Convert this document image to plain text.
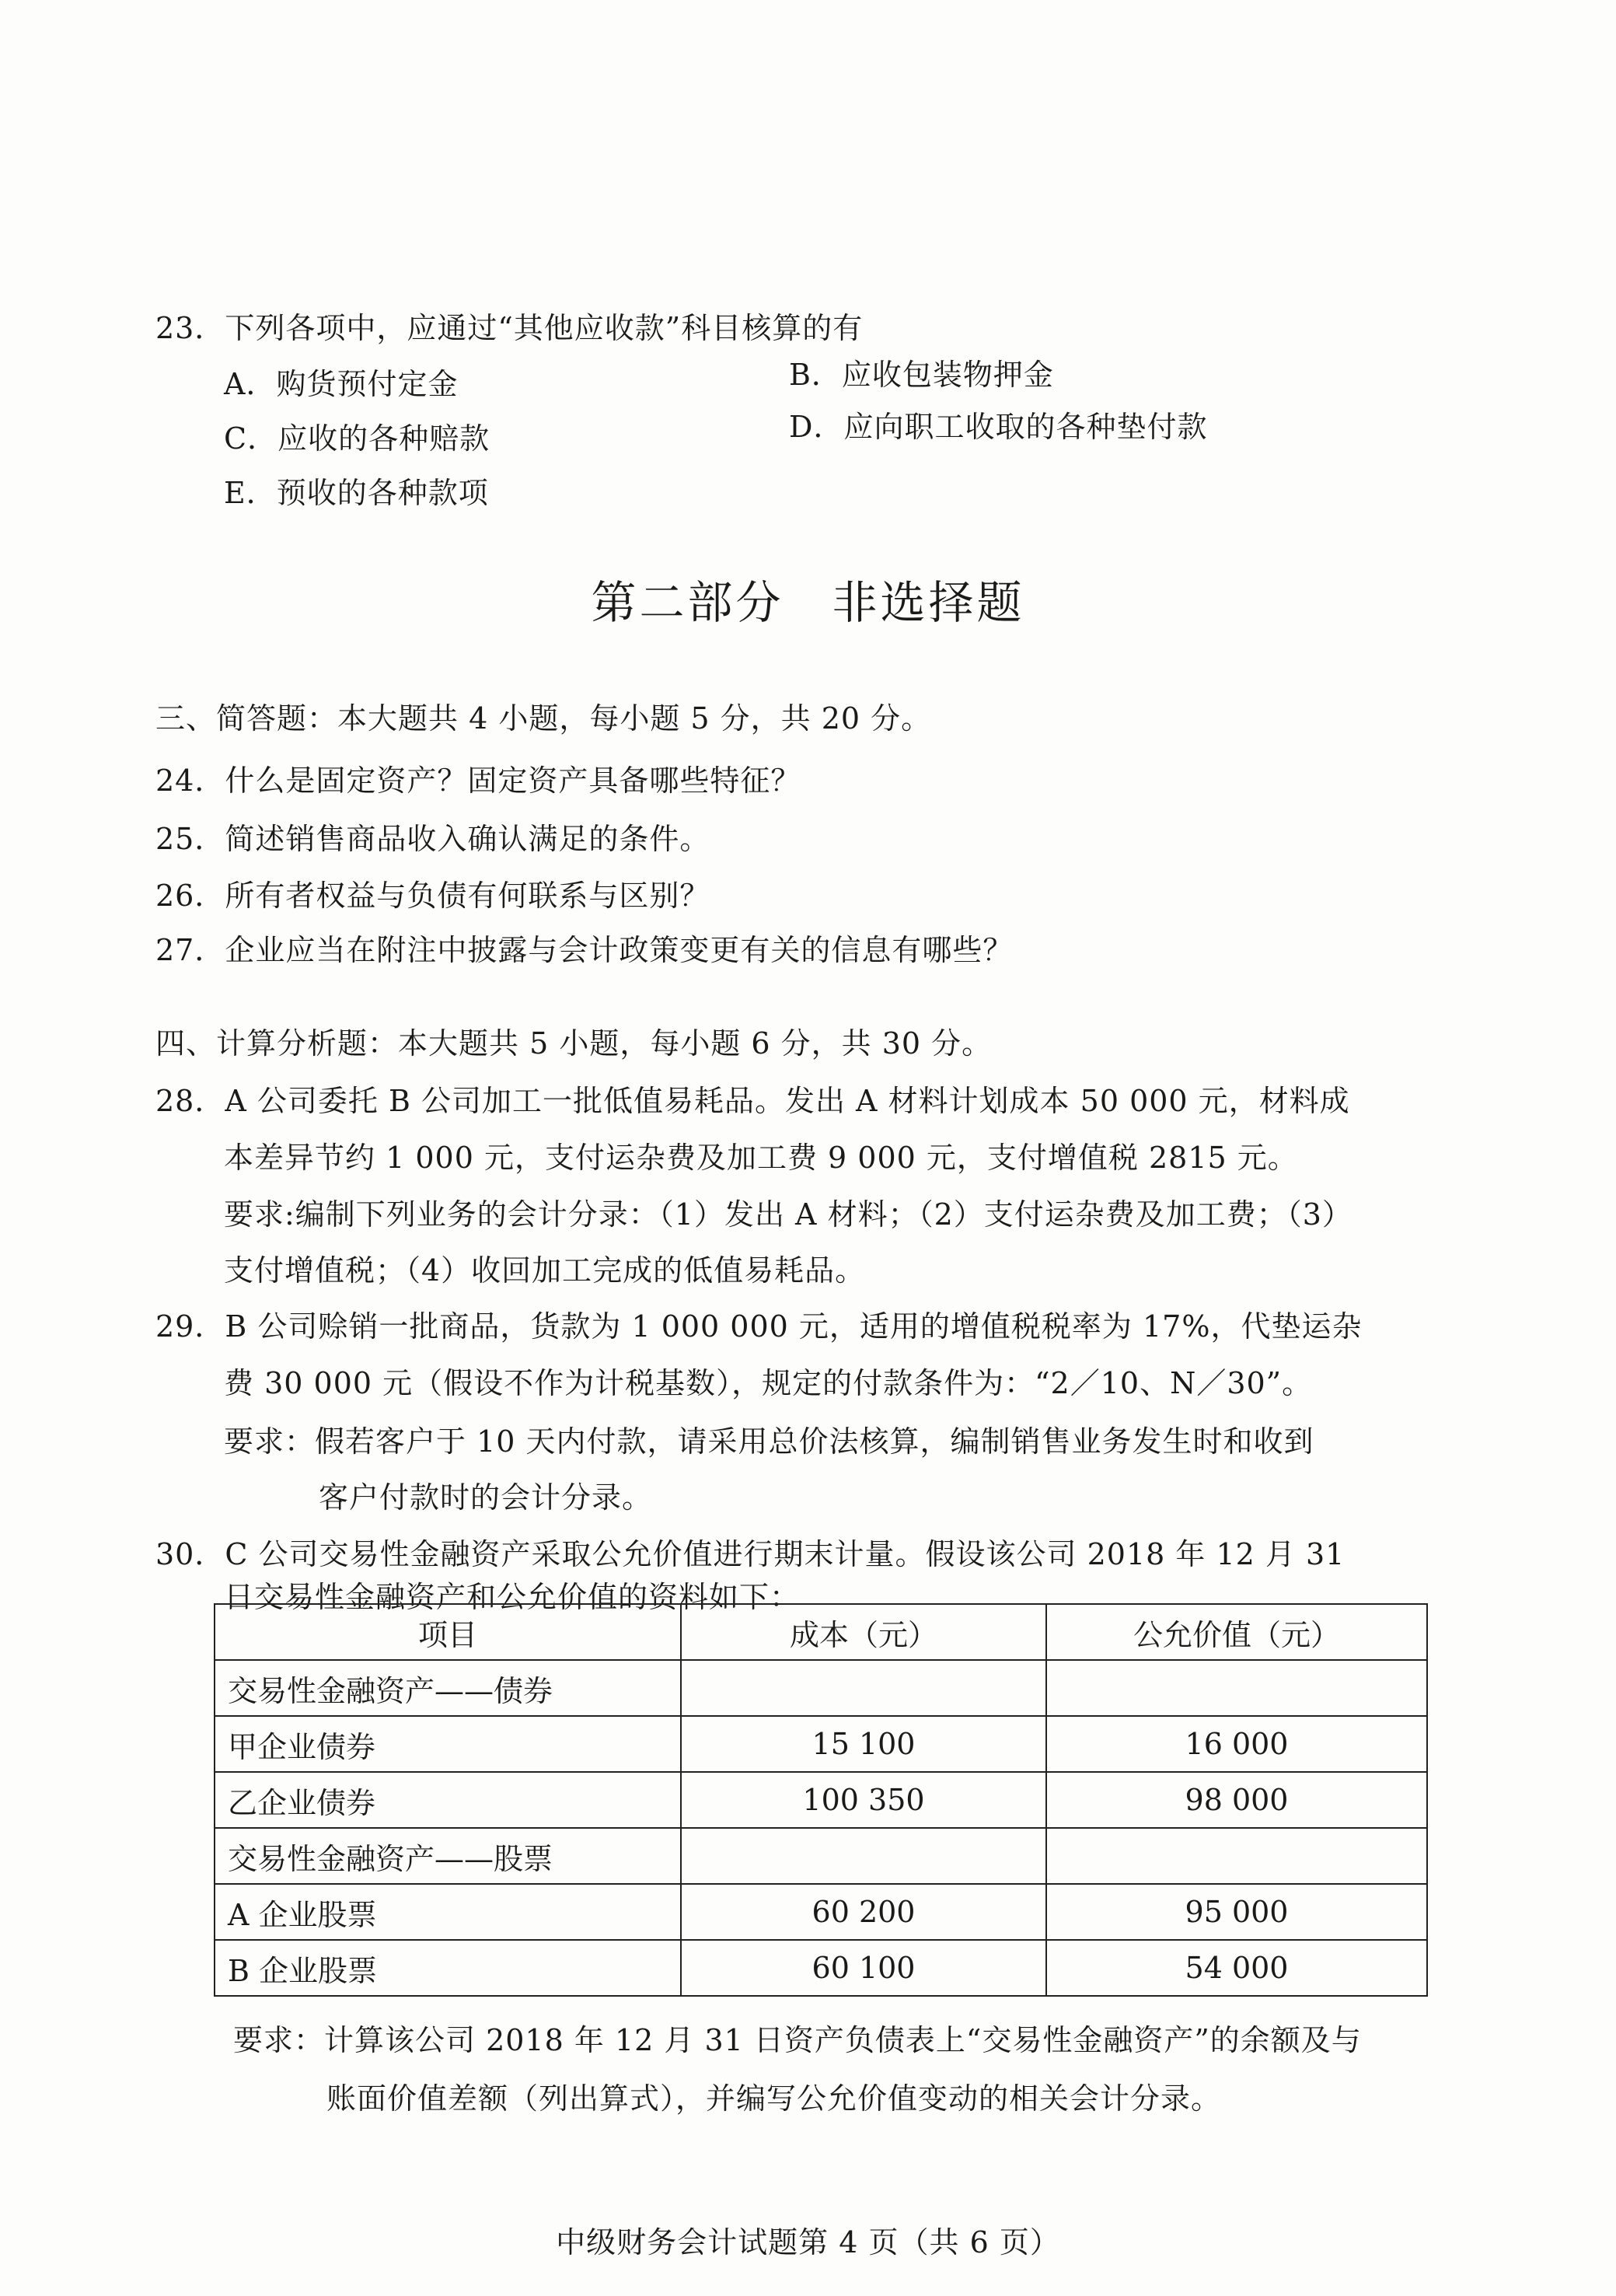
23．下列各项中，应通过“其他应收款”科目核算的有
A．购货预付定金	B．应收包装物押金
C．应收的各种赔款	D．应向职工收取的各种垫付款
E．预收的各种款项
第二部分　非选择题
三、简答题：本大题共 4 小题，每小题 5 分，共 20 分。
24．什么是固定资产？固定资产具备哪些特征？
25．简述销售商品收入确认满足的条件。
26．所有者权益与负债有何联系与区别？
27．企业应当在附注中披露与会计政策变更有关的信息有哪些？
四、计算分析题：本大题共 5 小题，每小题 6 分，共 30 分。
28．A 公司委托 B 公司加工一批低值易耗品。发出 A 材料计划成本 50 000 元，材料成
本差异节约 1 000 元，支付运杂费及加工费 9 000 元，支付增值税 2815 元。
要求:编制下列业务的会计分录：（1）发出 A 材料；（2）支付运杂费及加工费；（3）
支付增值税；（4）收回加工完成的低值易耗品。
29．B 公司赊销一批商品，货款为 1 000 000 元，适用的增值税税率为 17%，代垫运杂
费 30 000 元（假设不作为计税基数），规定的付款条件为：“2／10、N／30”。
要求：假若客户于 10 天内付款，请采用总价法核算，编制销售业务发生时和收到
客户付款时的会计分录。
30．C 公司交易性金融资产采取公允价值进行期末计量。假设该公司 2018 年 12 月 31
日交易性金融资产和公允价值的资料如下：
项目	成本（元）	公允价值（元）
交易性金融资产——债券		
甲企业债券	15 100	16 000
乙企业债券	100 350	98 000
交易性金融资产——股票		
A 企业股票	60 200	95 000
B 企业股票	60 100	54 000
要求：计算该公司 2018 年 12 月 31 日资产负债表上“交易性金融资产”的余额及与
账面价值差额（列出算式），并编写公允价值变动的相关会计分录。
中级财务会计试题第 4 页（共 6 页）
